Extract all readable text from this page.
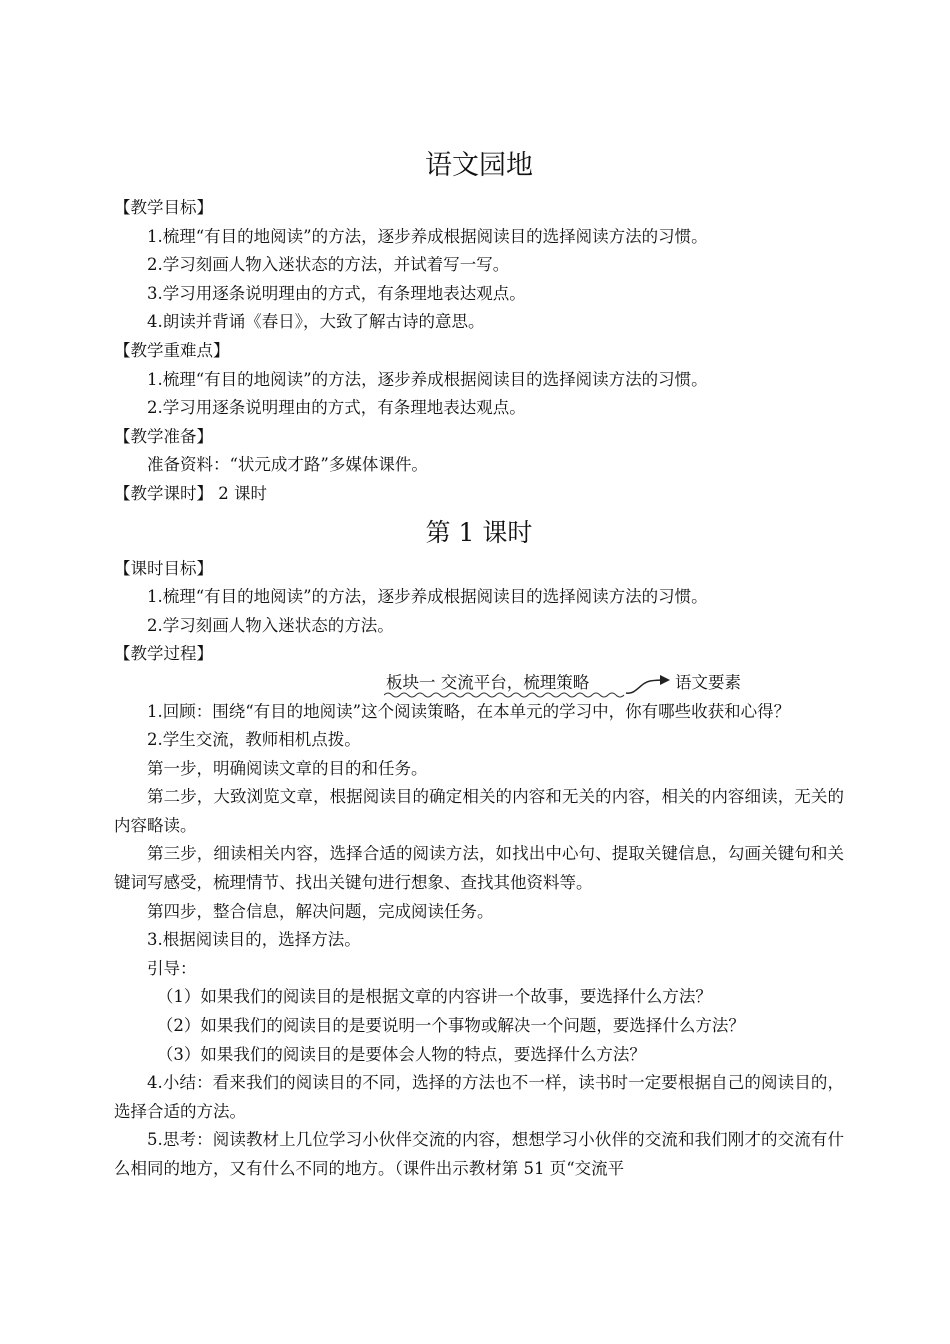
语文园地

【教学目标】

1.梳理“有目的地阅读”的方法，逐步养成根据阅读目的选择阅读方法的习惯。

2.学习刻画人物入迷状态的方法，并试着写一写。

3.学习用逐条说明理由的方式，有条理地表达观点。

4.朗读并背诵《春日》，大致了解古诗的意思。

【教学重难点】

1.梳理“有目的地阅读”的方法，逐步养成根据阅读目的选择阅读方法的习惯。

2.学习用逐条说明理由的方式，有条理地表达观点。

【教学准备】

准备资料：“状元成才路”多媒体课件。

【教学课时】 2 课时

第 1 课时

【课时目标】

1.梳理“有目的地阅读”的方法，逐步养成根据阅读目的选择阅读方法的习惯。

2.学习刻画人物入迷状态的方法。

【教学过程】

板块一 交流平台，梳理策略	语文要素

1.回顾：围绕“有目的地阅读”这个阅读策略，在本单元的学习中，你有哪些收获和心得？

2.学生交流，教师相机点拨。

第一步，明确阅读文章的目的和任务。

第二步，大致浏览文章，根据阅读目的确定相关的内容和无关的内容，相关的内容细读，无关的内容略读。

第三步，细读相关内容，选择合适的阅读方法，如找出中心句、提取关键信息，勾画关键句和关键词写感受，梳理情节、找出关键句进行想象、查找其他资料等。

第四步，整合信息，解决问题，完成阅读任务。

3.根据阅读目的，选择方法。

引导：

（1）如果我们的阅读目的是根据文章的内容讲一个故事，要选择什么方法？

（2）如果我们的阅读目的是要说明一个事物或解决一个问题，要选择什么方法？

（3）如果我们的阅读目的是要体会人物的特点，要选择什么方法？

4.小结：看来我们的阅读目的不同，选择的方法也不一样，读书时一定要根据自己的阅读目的，选择合适的方法。

5.思考：阅读教材上几位学习小伙伴交流的内容，想想学习小伙伴的交流和我们刚才的交流有什么相同的地方，又有什么不同的地方。（课件出示教材第 51 页“交流平
